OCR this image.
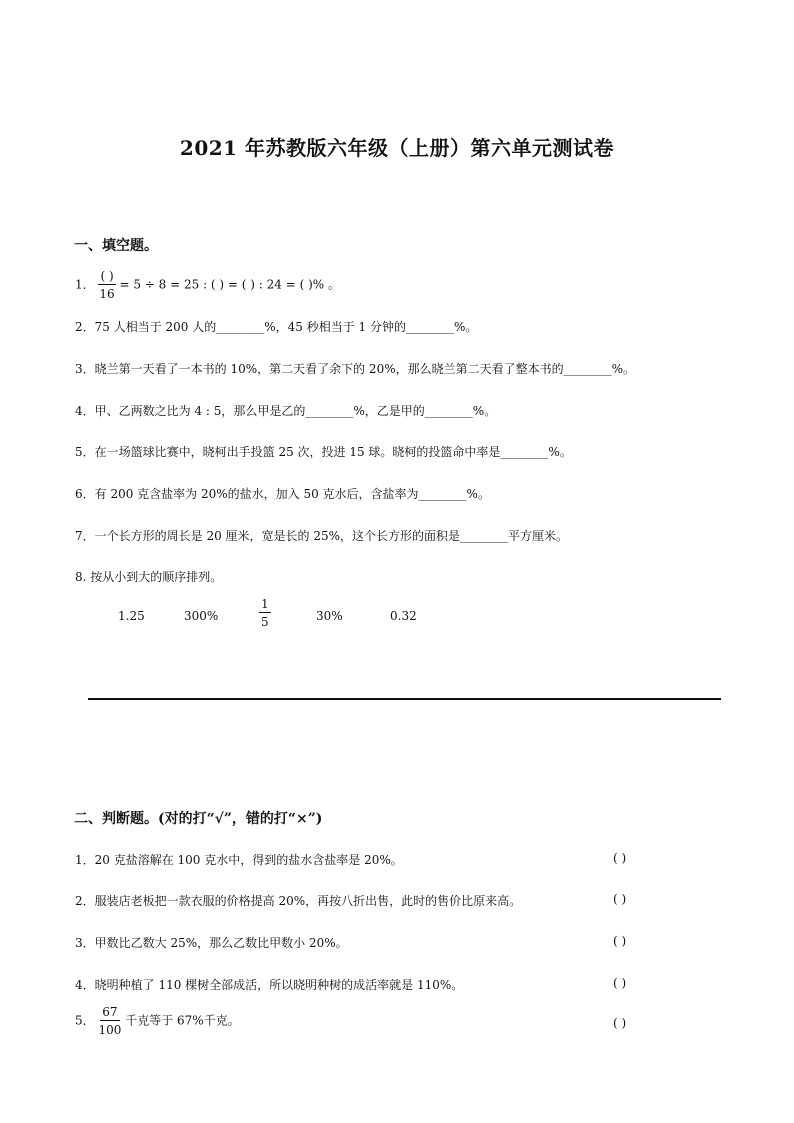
2021 年苏教版六年级（上册）第六单元测试卷
一、填空题。
1． $\frac{( )}{16} = 5 \div 8 = 25$ : ( ) = ( ) : 24 = ( )% 。
2．75 人相当于 200 人的________%，45 秒相当于 1 分钟的________%。
3．晓兰第一天看了一本书的 10%，第二天看了余下的 20%，那么晓兰第二天看了整本书的________%。
4．甲、乙两数之比为 4 : 5，那么甲是乙的________%，乙是甲的________%。
5．在一场篮球比赛中，晓柯出手投篮 25 次，投进 15 球。晓柯的投篮命中率是________%。
6．有 200 克含盐率为 20%的盐水，加入 50 克水后，含盐率为________%。
7．一个长方形的周长是 20 厘米，宽是长的 25%，这个长方形的面积是________平方厘米。
8. 按从小到大的顺序排列。
1.25	300%	$\frac{1}{5}$	30%	0.32
二、判断题。(对的打“√”，错的打“×”)
1．20 克盐溶解在 100 克水中，得到的盐水含盐率是 20%。	( )
2．服装店老板把一款衣服的价格提高 20%，再按八折出售，此时的售价比原来高。	( )
3．甲数比乙数大 25%，那么乙数比甲数小 20%。	( )
4．晓明种植了 110 棵树全部成活，所以晓明种树的成活率就是 110%。	( )
5． $\frac{67}{100}$ 千克等于 67%千克。	( )
